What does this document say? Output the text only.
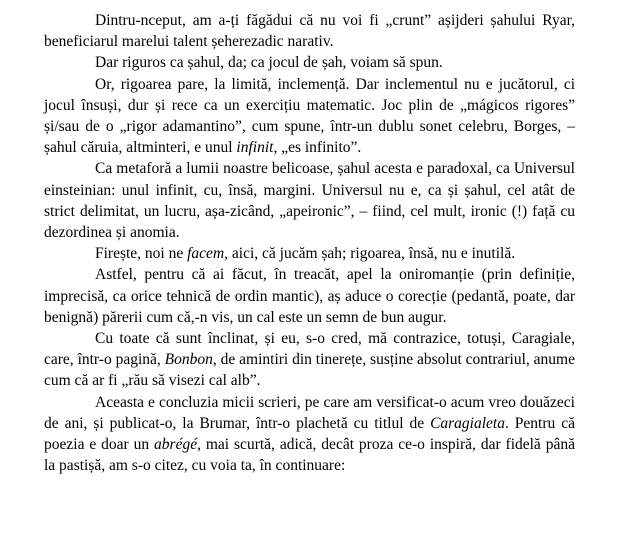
Dintru-nceput, am a-ți făgădui că nu voi fi „crunt” așijderi șahului Ryar, beneficiarul marelui talent șeherezadic narativ.

Dar riguros ca șahul, da; ca jocul de șah, voiam să spun.

Or, rigoarea pare, la limită, inclemență. Dar inclementul nu e jucătorul, ci jocul însuși, dur și rece ca un exercițiu matematic. Joc plin de „mágicos rigores” și/sau de o „rigor adamantino”, cum spune, într-un dublu sonet celebru, Borges, – șahul căruia, altminteri, e unul infinit, „es infinito”.

Ca metaforă a lumii noastre belicoase, șahul acesta e paradoxal, ca Universul einsteinian: unul infinit, cu, însă, margini. Universul nu e, ca și șahul, cel atât de strict delimitat, un lucru, așa-zicând, „apeironic”, – fiind, cel mult, ironic (!) față cu dezordinea și anomia.

Firește, noi ne facem, aici, că jucăm șah; rigoarea, însă, nu e inutilă.

Astfel, pentru că ai făcut, în treacăt, apel la oniromanție (prin definiție, imprecisă, ca orice tehnică de ordin mantic), aș aduce o corecție (pedantă, poate, dar benignă) părerii cum că,-n vis, un cal este un semn de bun augur.

Cu toate că sunt înclinat, și eu, s-o cred, mă contrazice, totuși, Caragiale, care, într-o pagină, Bonbon, de amintiri din tinerețe, susține absolut contrariul, anume cum că ar fi „rău să visezi cal alb”.

Aceasta e concluzia micii scrieri, pe care am versificat-o acum vreo douăzeci de ani, și publicat-o, la Brumar, într-o plachetă cu titlul de Caragialeta. Pentru că poezia e doar un abrégé, mai scurtă, adică, decât proza ce-o inspiră, dar fidelă până la pastișă, am s-o citez, cu voia ta, în continuare:
